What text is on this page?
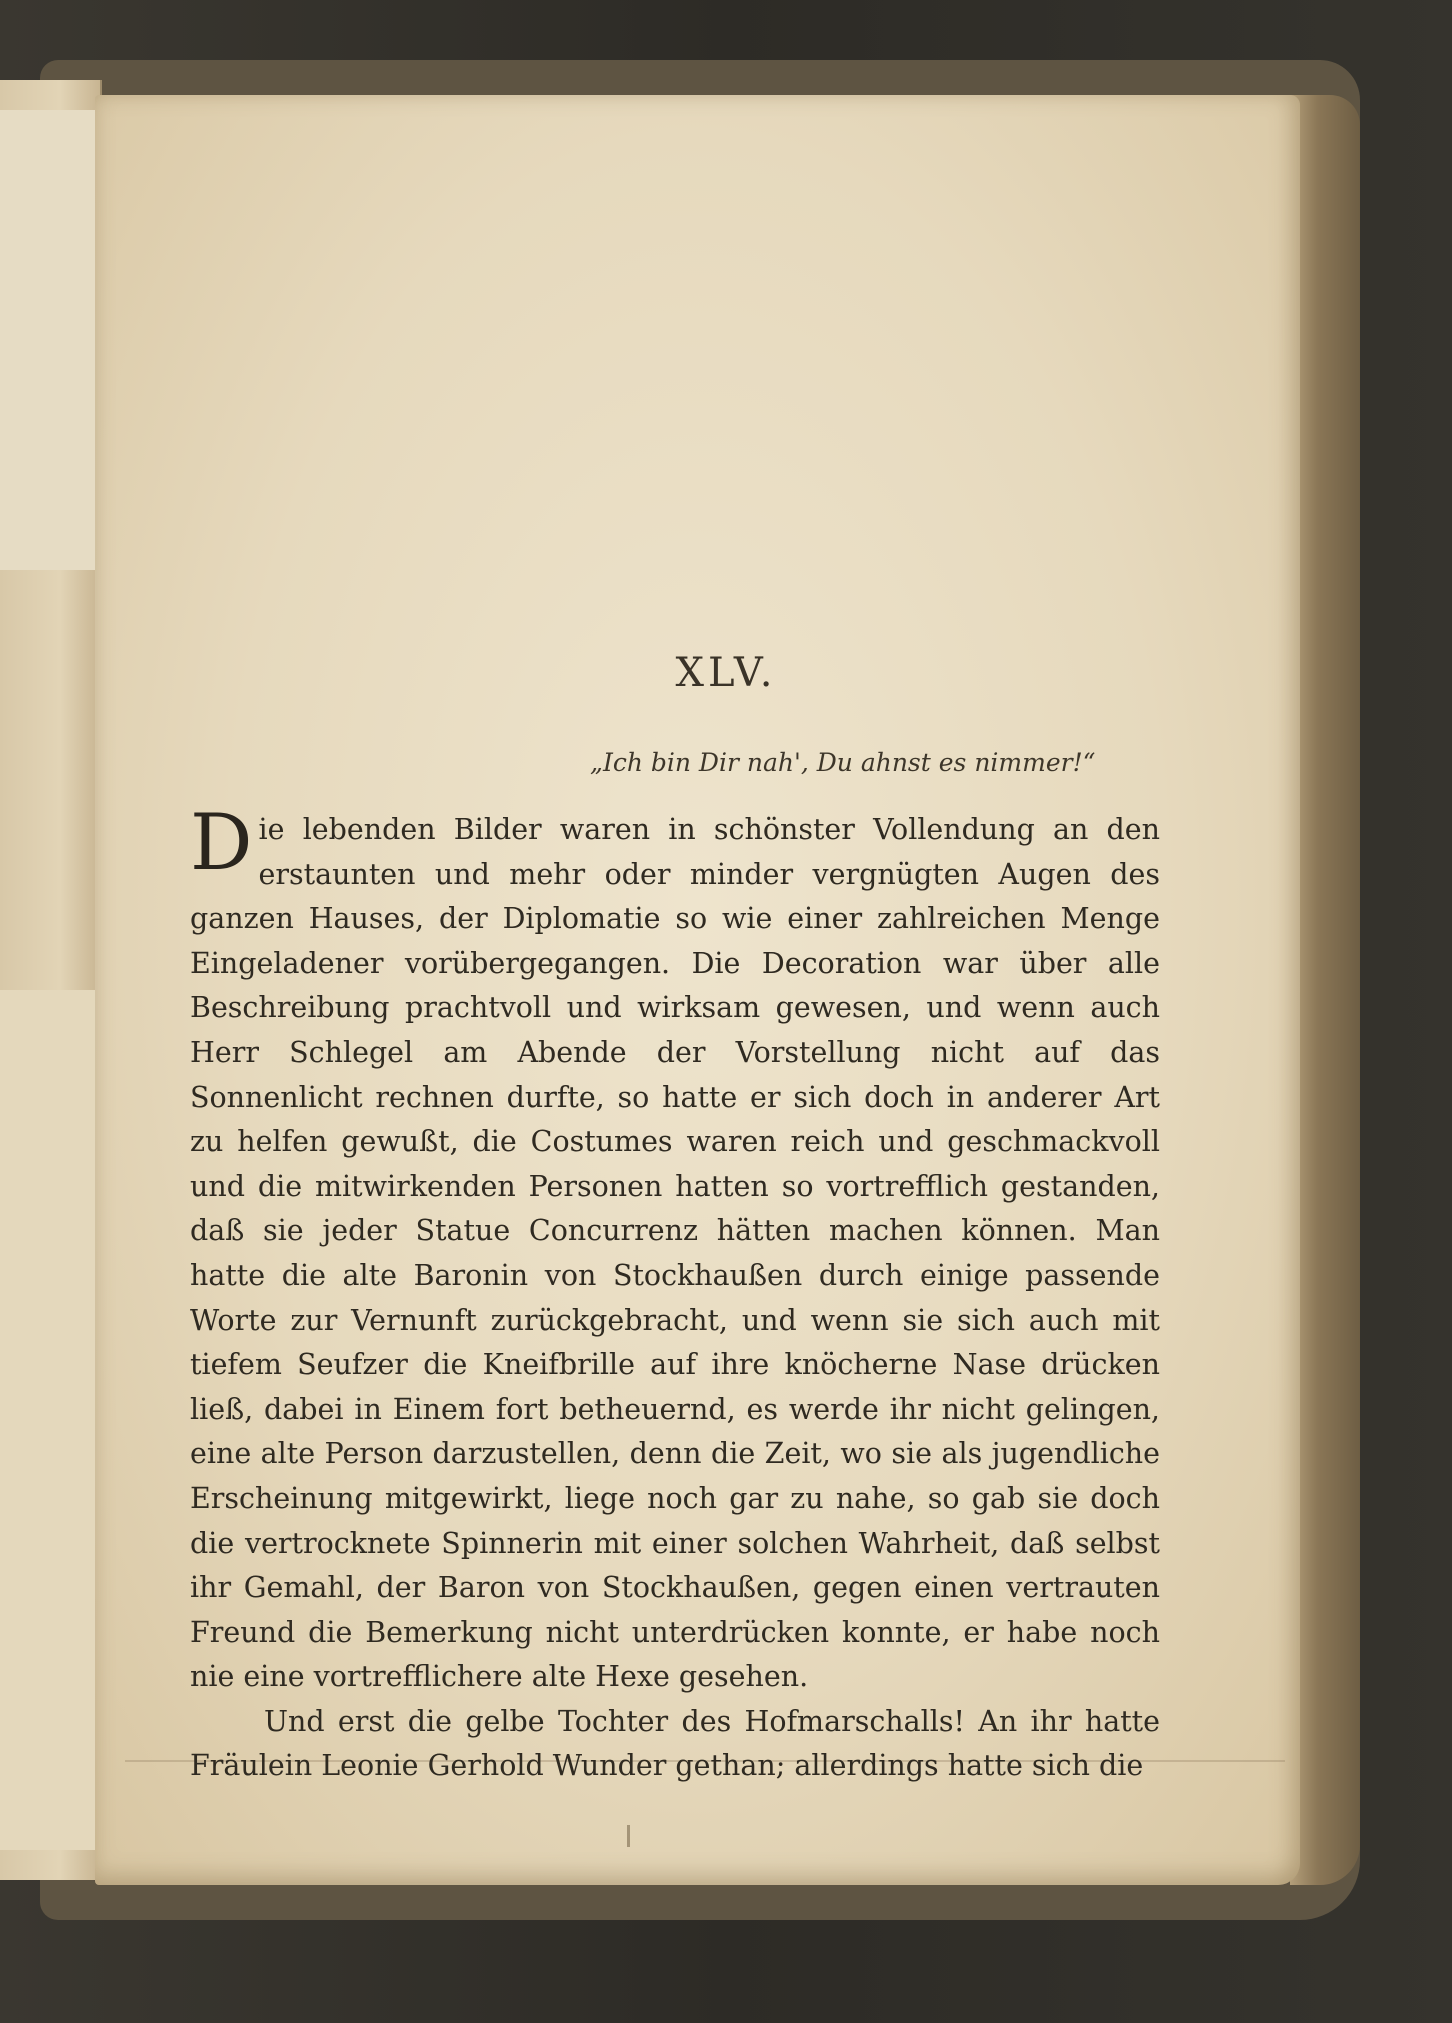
XLV.
„Ich bin Dir nah', Du ahnst es nimmer!“

Die lebenden Bilder waren in schönster Vollendung an den erstaunten und mehr oder minder vergnügten Augen des ganzen Hauses, der Diplomatie so wie einer zahlreichen Menge Eingeladener vorübergegangen. Die Decoration war über alle Beschreibung prachtvoll und wirksam gewesen, und wenn auch Herr Schlegel am Abende der Vorstellung nicht auf das Sonnenlicht rechnen durfte, so hatte er sich doch in anderer Art zu helfen gewußt, die Costumes waren reich und geschmackvoll und die mitwirkenden Personen hatten so vortrefflich gestanden, daß sie jeder Statue Concurrenz hätten machen können. Man hatte die alte Baronin von Stockhaußen durch einige passende Worte zur Vernunft zurückgebracht, und wenn sie sich auch mit tiefem Seufzer die Kneifbrille auf ihre knöcherne Nase drücken ließ, dabei in Einem fort betheuernd, es werde ihr nicht gelingen, eine alte Person darzustellen, denn die Zeit, wo sie als jugendliche Erscheinung mitgewirkt, liege noch gar zu nahe, so gab sie doch die vertrocknete Spinnerin mit einer solchen Wahrheit, daß selbst ihr Gemahl, der Baron von Stockhaußen, gegen einen vertrauten Freund die Bemerkung nicht unterdrücken konnte, er habe noch nie eine vortrefflichere alte Hexe gesehen.

Und erst die gelbe Tochter des Hofmarschalls! An ihr hatte Fräulein Leonie Gerhold Wunder gethan; allerdings hatte sich die
